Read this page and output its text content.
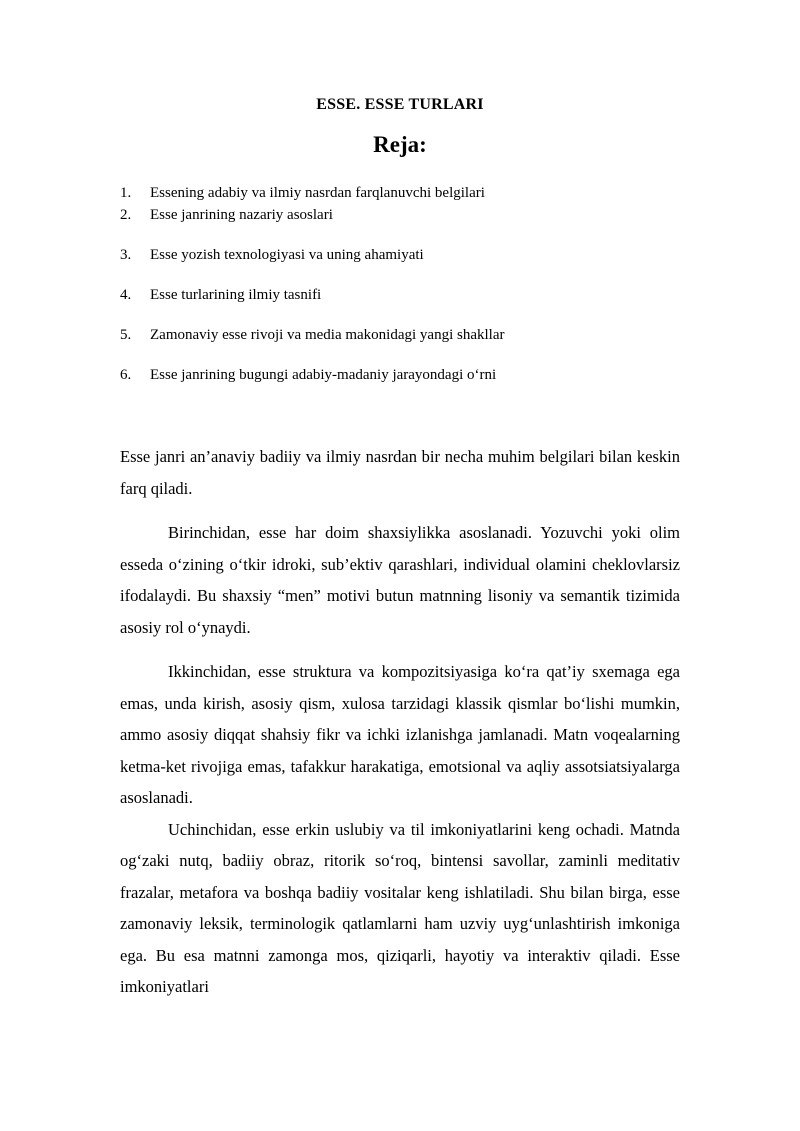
ESSE. ESSE TURLARI
Reja:
1.	Essening adabiy va ilmiy nasrdan farqlanuvchi belgilari
2.	Esse janrining nazariy asoslari
3.	Esse yozish texnologiyasi va uning ahamiyati
4.	Esse turlarining ilmiy tasnifi
5.	Zamonaviy esse rivoji va media makonidagi yangi shakllar
6.	Esse janrining bugungi adabiy-madaniy jarayondagi o‘rni

Esse janri an’anaviy badiiy va ilmiy nasrdan bir necha muhim belgilari bilan keskin farq qiladi.

Birinchidan, esse har doim shaxsiylikka asoslanadi. Yozuvchi yoki olim esseda o‘zining o‘tkir idroki, sub’ektiv qarashlari, individual olamini cheklovlarsiz ifodalaydi. Bu shaxsiy “men” motivi butun matnning lisoniy va semantik tizimida asosiy rol o‘ynaydi.

Ikkinchidan, esse struktura va kompozitsiyasiga ko‘ra qat’iy sxemaga ega emas, unda kirish, asosiy qism, xulosa tarzidagi klassik qismlar bo‘lishi mumkin, ammo asosiy diqqat shahsiy fikr va ichki izlanishga jamlanadi. Matn voqealarning ketma-ket rivojiga emas, tafakkur harakatiga, emotsional va aqliy assotsiatsiyalarga asoslanadi.

Uchinchidan, esse erkin uslubiy va til imkoniyatlarini keng ochadi. Matnda og‘zaki nutq, badiiy obraz, ritorik so‘roq, bintensi savollar, zaminli meditativ frazalar, metafora va boshqa badiiy vositalar keng ishlatiladi. Shu bilan birga, esse zamonaviy leksik, terminologik qatlamlarni ham uzviy uyg‘unlashtirish imkoniga ega. Bu esa matnni zamonga mos, qiziqarli, hayotiy va interaktiv qiladi. Esse imkoniyatlari
